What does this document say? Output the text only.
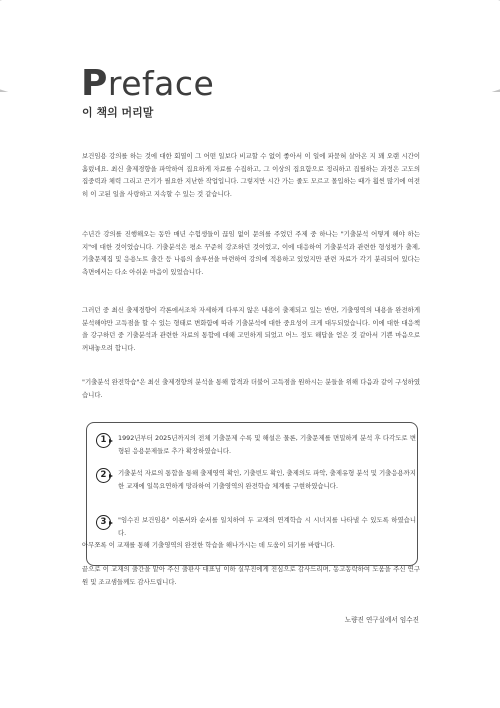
Preface
이 책의 머리말

보건임용 강의를 하는 것에 대한 회열이 그 어떤 일보다 비교할 수 없이 좋아서 이 일에 파묻혀 살아온 지 꽤 오랜 시간이 흘렀네요. 최신 출제경향을 파악하여 집요하게 자료를 수집하고, 그 이상의 집요함으로 정리하고 집필하는 과정은 고도의 집중력과 체력 그리고 끈기가 필요한 지난한 작업입니다. 그렇지만 시간 가는 줄도 모르고 몰입하는 때가 훨씬 많기에 여전히 이 고된 일을 사랑하고 지속할 수 있는 것 같습니다.

수년간 강의를 진행해오는 동안 매년 수험생들이 끊임 없이 문의를 주었던 주제 중 하나는 "기출분석 어떻게 해야 하는지"에 대한 것이었습니다. 기출분석은 평소 꾸준히 강조하던 것이었고, 이에 대응하여 기출분석과 관련한 형성평가 출제, 기출문제집 및 응용노트 출간 등 나름의 솔루션을 마련하여 강의에 적용하고 있었지만 관련 자료가 각기 분리되어 있다는 측면에서는 다소 아쉬운 마음이 있었습니다.

그러던 중 최신 출제경향이 각론에서조차 자세하게 다루지 않은 내용이 출제되고 있는 반면, 기출영역의 내용을 완전하게 분석해야만 고득점을 할 수 있는 형태로 변화함에 따라 기출분석에 대한 중요성이 크게 대두되었습니다. 이에 대한 대응책을 강구하던 중 기출분석과 관련한 자료의 통합에 대해 고민하게 되었고 어느 정도 해답을 얻은 것 같아서 기쁜 마음으로 꺼내놓으려 합니다.

"기출분석 완전학습"은 최신 출제경향의 분석을 통해 합격과 더불어 고득점을 원하시는 분들을 위해 다음과 같이 구성하였습니다.

1	1992년부터 2025년까지의 전체 기출문제 수록 및 해설은 물론, 기출문제를 면밀하게 분석 후 다각도로 변형된 응용문제들로 추가 확장하였습니다.
2	기출분석 자료의 통합을 통해 출제영역 확인, 기출빈도 확인, 출제의도 파악, 출제유형 분석 및 기출응용까지 한 교재에 일목요연하게 망라하여 기출영역의 완전학습 체계를 구현하였습니다.
3	"임수진 보건임용" 이론서와 순서를 일치하여 두 교재의 연계학습 시 시너지를 나타낼 수 있도록 하였습니다.

아무쪼록 이 교재를 통해 기출영역의 완전한 학습을 해나가시는 데 도움이 되기를 바랍니다.

끝으로 이 교재의 출간을 맡아 주신 출판사 대표님 이하 실무진에게 진심으로 감사드리며, 동고동락하여 도움을 주신 연구원 및 조교샘들께도 감사드립니다.

노량진 연구실에서 임수진
